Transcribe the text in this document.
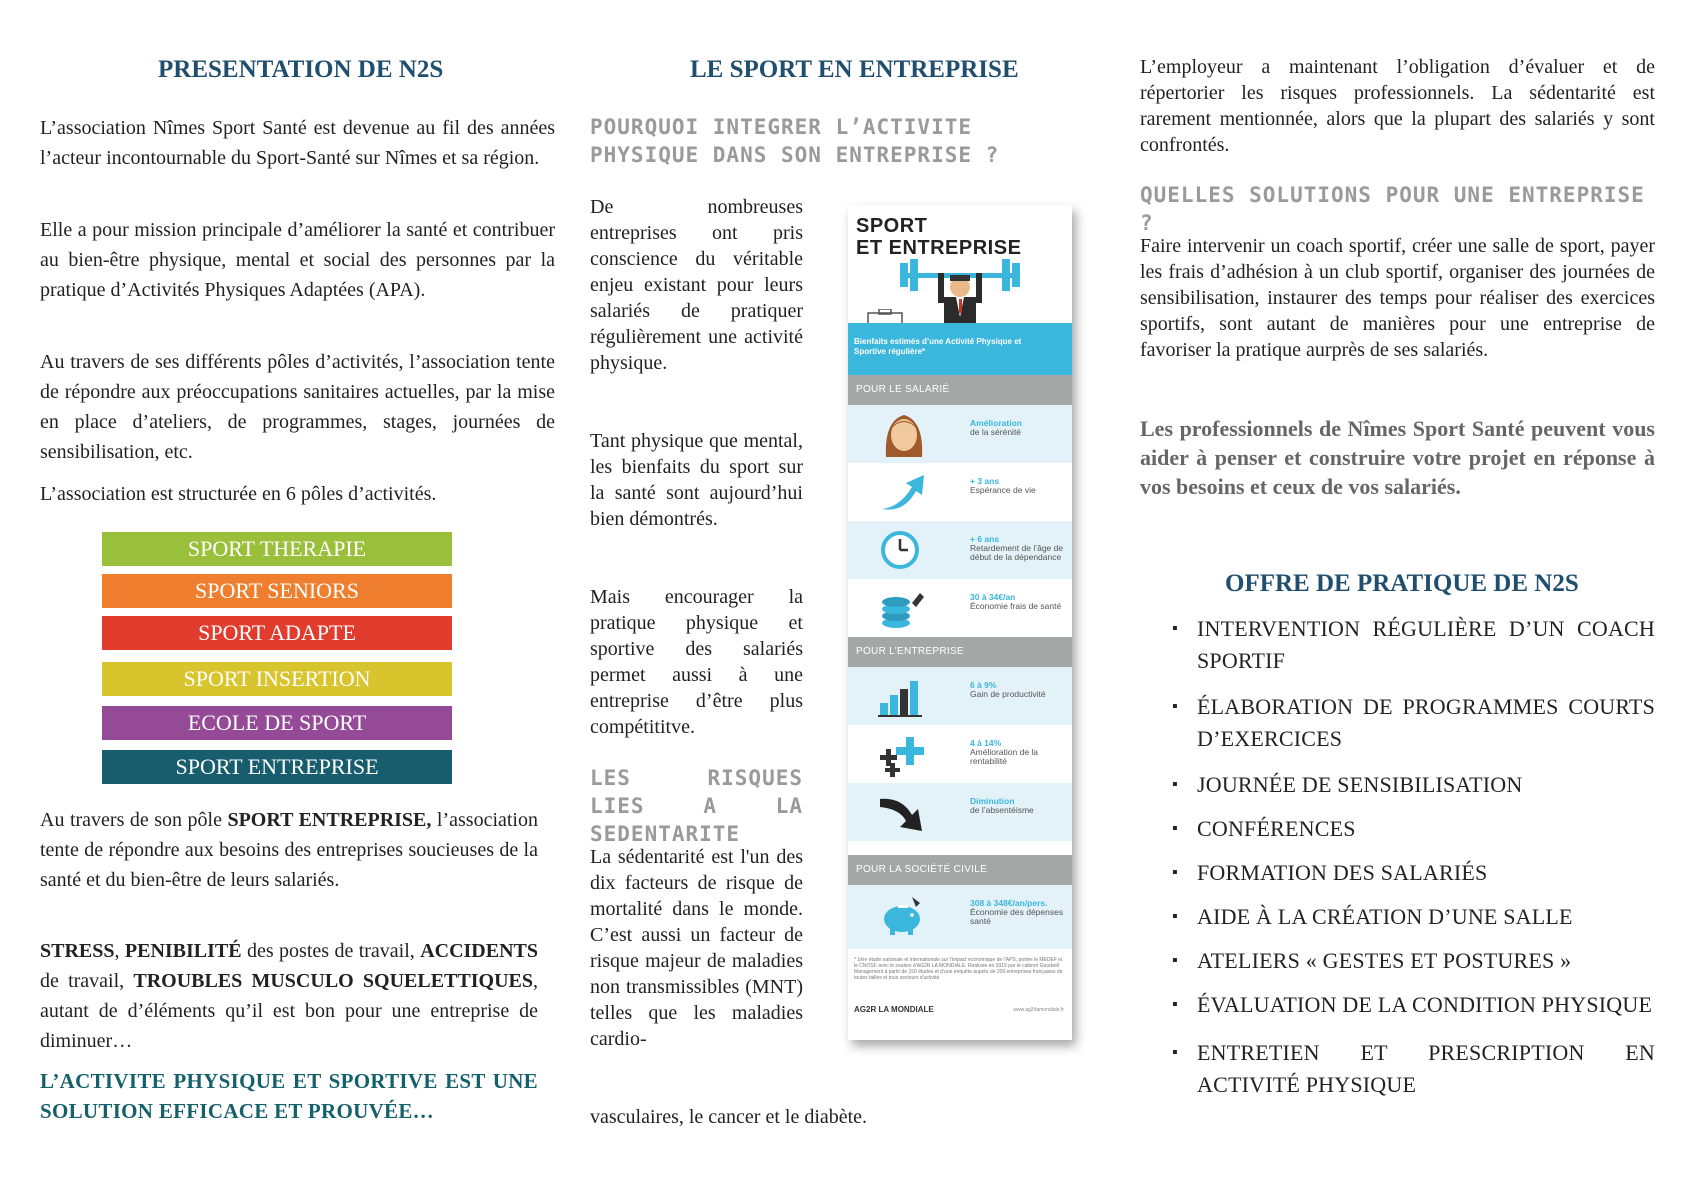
PRESENTATION DE N2S

L’association Nîmes Sport Santé est devenue au fil des années l’acteur incontournable du Sport-Santé sur Nîmes et sa région.

Elle a pour mission principale d’améliorer la santé et contribuer au bien-être physique, mental et social des personnes par la pratique d’Activités Physiques Adaptées (APA).

Au travers de ses différents pôles d’activités, l’association tente de répondre aux préoccupations sanitaires actuelles, par la mise en place d’ateliers, de programmes, stages, journées de sensibilisation, etc.

L’association est structurée en 6 pôles d’activités.

SPORT THERAPIE
SPORT SENIORS
SPORT ADAPTE
SPORT INSERTION
ECOLE DE SPORT
SPORT ENTREPRISE

Au travers de son pôle SPORT ENTREPRISE, l’association tente de répondre aux besoins des entreprises soucieuses de la santé et du bien-être de leurs salariés.

STRESS, PENIBILITÉ des postes de travail, ACCIDENTS de travail, TROUBLES MUSCULO SQUELETTIQUES, autant de d’éléments qu’il est bon pour une entreprise de diminuer…

L’ACTIVITE PHYSIQUE ET SPORTIVE EST UNE SOLUTION EFFICACE ET PROUVÉE…

LE SPORT EN ENTREPRISE
POURQUOI INTEGRER L’ACTIVITE PHYSIQUE DANS SON ENTREPRISE ?

De nombreuses entreprises ont pris conscience du véritable enjeu existant pour leurs salariés de pratiquer régulièrement une activité physique.

Tant physique que mental, les bienfaits du sport sur la santé sont aujourd’hui bien démontrés.

Mais encourager la pratique physique et sportive des salariés permet aussi à une entreprise d’être plus compétititve.

LES RISQUES LIES A LA SEDENTARITE

La sédentarité est l'un des dix facteurs de risque de mortalité dans le monde. C’est aussi un facteur de risque majeur de maladies non transmissibles (MNT) telles que les maladies cardio-

vasculaires, le cancer et le diabète.

SPORT
ET ENTREPRISE
Bienfaits estimés d’une Activité Physique et Sportive régulière*
POUR LE SALARIÉ
Amélioration
de la sérénité
+ 3 ans
Espérance de vie
+ 6 ans
Retardement de l’âge de début de la dépendance
30 à 34€/an
Économie frais de santé
POUR L’ENTREPRISE
6 à 9%
Gain de productivité
4 à 14%
Amélioration de la rentabilité
Diminution
de l’absentéisme
POUR LA SOCIÉTÉ CIVILE
308 à 348€/an/pers.
Économie des dépenses santé
* 1ère étude nationale et internationale sur l’impact économique de l’APS, portée le MEDEF et le CNOSF avec le soutien d’AG2R LA MONDIALE. Réalisée en 2015 par le cabinet Goodwill Management à partir de 150 études et d’une enquête auprès de 200 entreprises françaises de toutes tailles et tous secteurs d’activité
AG2R LA MONDIALE	www.ag2rlamondiale.fr

L’employeur a maintenant l’obligation d’évaluer et de répertorier les risques professionnels. La sédentarité est rarement mentionnée, alors que la plupart des salariés y sont confrontés.

QUELLES SOLUTIONS POUR UNE ENTREPRISE ?

Faire intervenir un coach sportif, créer une salle de sport, payer les frais d’adhésion à un club sportif, organiser des journées de sensibilisation, instaurer des temps pour réaliser des exercices sportifs, sont autant de manières pour une entreprise de favoriser la pratique aurprès de ses salariés.

Les professionnels de Nîmes Sport Santé peuvent vous aider à penser et construire votre projet en réponse à vos besoins et ceux de vos salariés.

OFFRE DE PRATIQUE DE N2S
▪ INTERVENTION RÉGULIÈRE D’UN COACH SPORTIF
▪ ÉLABORATION DE PROGRAMMES COURTS D’EXERCICES
▪ JOURNÉE DE SENSIBILISATION
▪ CONFÉRENCES
▪ FORMATION DES SALARIÉS
▪ AIDE À LA CRÉATION D’UNE SALLE
▪ ATELIERS « GESTES ET POSTURES »
▪ ÉVALUATION DE LA CONDITION PHYSIQUE
▪ ENTRETIEN ET PRESCRIPTION EN ACTIVITÉ PHYSIQUE
